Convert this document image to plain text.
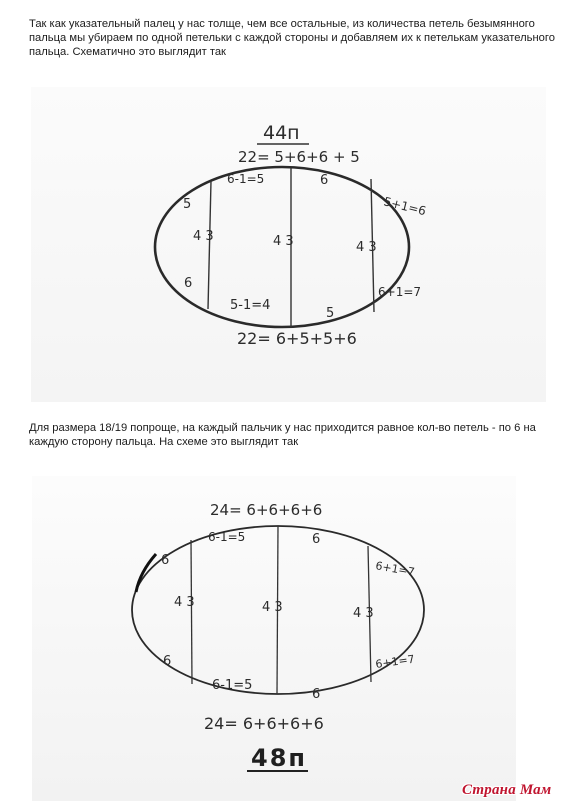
Так как указательный палец у нас толще, чем все остальные, из количества петель безымянного пальца мы убираем по одной петельки с каждой стороны и добавляем их к петелькам указательного пальца. Схематично это выглядит так
44п
22= 5+6+6 + 5
6-1=5	6
5+1=6
5
6
4 3	4 3	4 3
5-1=4
5
6+1=7
22= 6+5+5+6
Для размера 18/19 попроще, на каждый пальчик у нас приходится равное кол-во петель - по 6 на каждую сторону пальца. На схеме это выглядит так
24= 6+6+6+6
6-1=5	6
6+1=7
6
6
4 3	4 3	4 3
6-1=5
6
6+1=7
24= 6+6+6+6
48п
Страна Мам
